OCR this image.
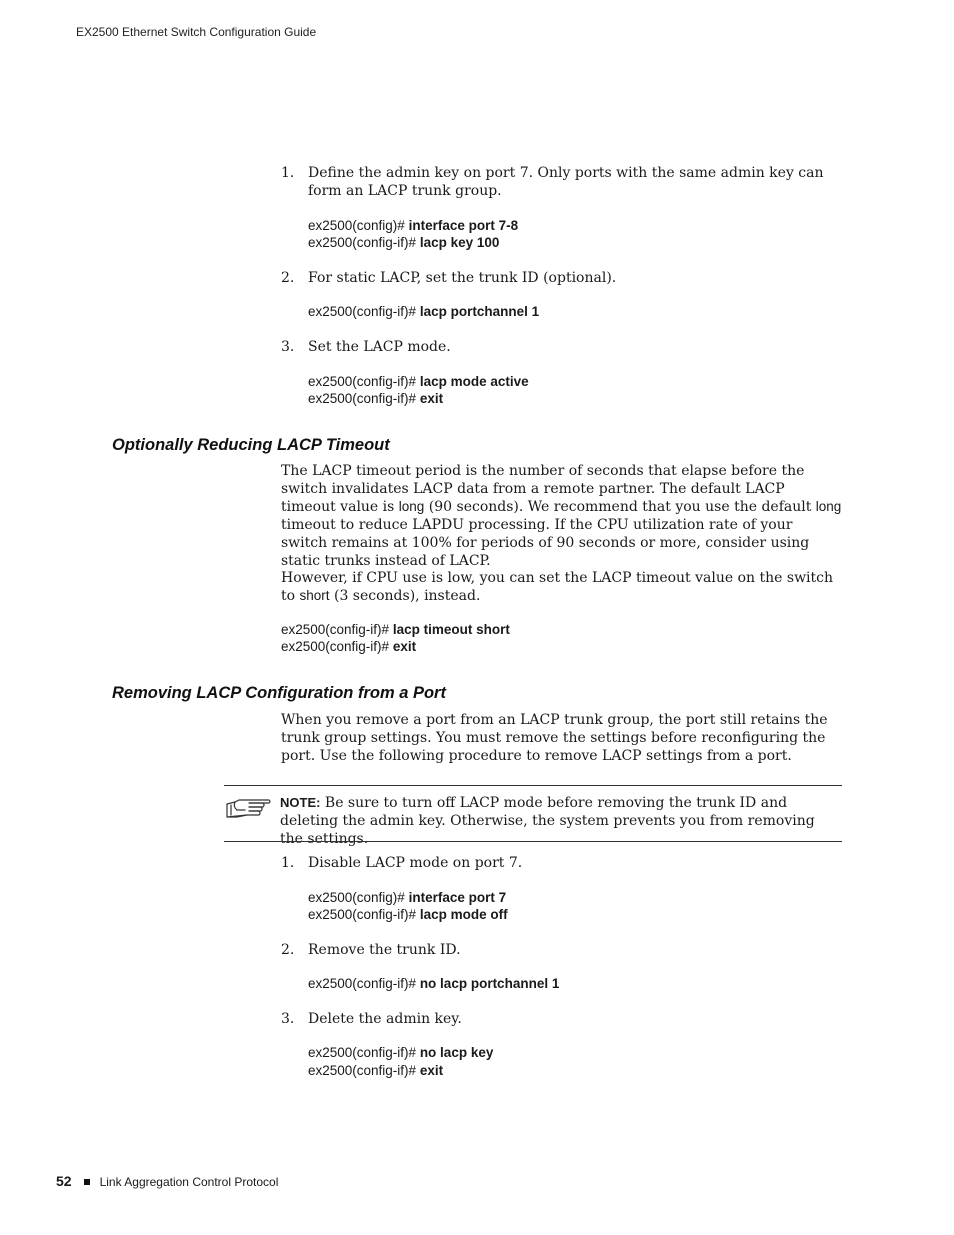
EX2500 Ethernet Switch Configuration Guide
1. Define the admin key on port 7. Only ports with the same admin key can form an LACP trunk group.
ex2500(config)# interface port 7-8
ex2500(config-if)# lacp key 100
2. For static LACP, set the trunk ID (optional).
ex2500(config-if)# lacp portchannel 1
3. Set the LACP mode.
ex2500(config-if)# lacp mode active
ex2500(config-if)# exit
Optionally Reducing LACP Timeout
The LACP timeout period is the number of seconds that elapse before the switch invalidates LACP data from a remote partner. The default LACP timeout value is long (90 seconds). We recommend that you use the default long timeout to reduce LAPDU processing. If the CPU utilization rate of your switch remains at 100% for periods of 90 seconds or more, consider using static trunks instead of LACP.
However, if CPU use is low, you can set the LACP timeout value on the switch to short (3 seconds), instead.
ex2500(config-if)# lacp timeout short
ex2500(config-if)# exit
Removing LACP Configuration from a Port
When you remove a port from an LACP trunk group, the port still retains the trunk group settings. You must remove the settings before reconfiguring the port. Use the following procedure to remove LACP settings from a port.
NOTE: Be sure to turn off LACP mode before removing the trunk ID and deleting the admin key. Otherwise, the system prevents you from removing the settings.
1. Disable LACP mode on port 7.
ex2500(config)# interface port 7
ex2500(config-if)# lacp mode off
2. Remove the trunk ID.
ex2500(config-if)# no lacp portchannel 1
3. Delete the admin key.
ex2500(config-if)# no lacp key
ex2500(config-if)# exit
52 Link Aggregation Control Protocol
